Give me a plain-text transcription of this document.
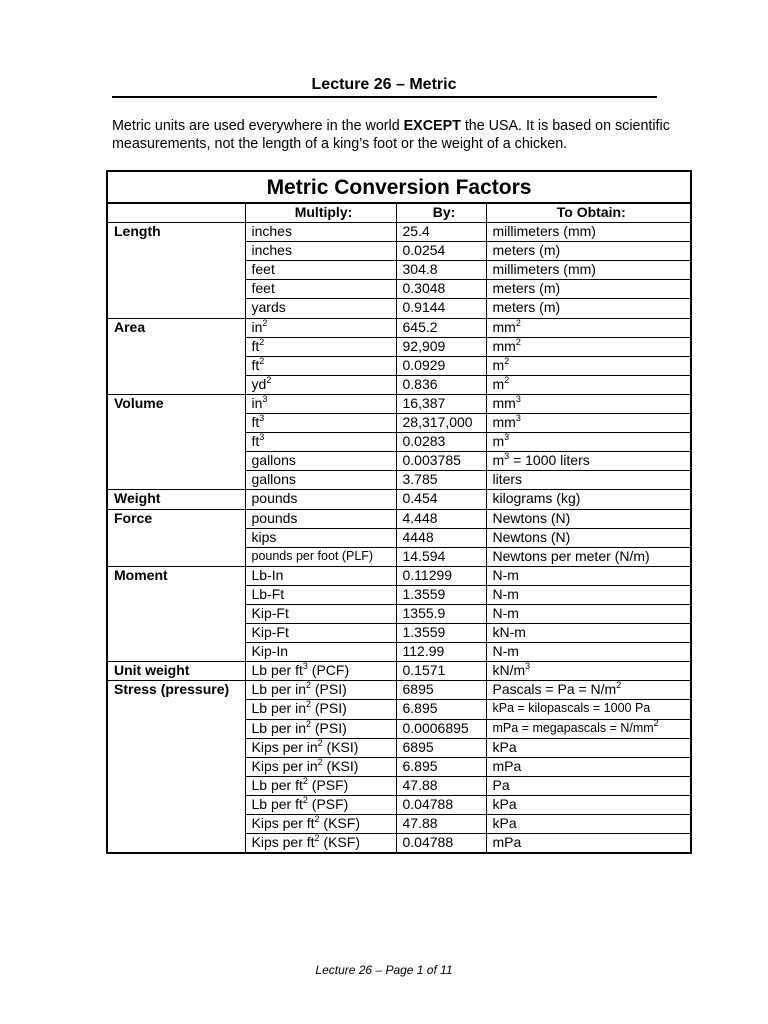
Lecture 26 – Metric

Metric units are used everywhere in the world EXCEPT the USA. It is based on scientific measurements, not the length of a king’s foot or the weight of a chicken.

Metric Conversion Factors			
	Multiply:	By:	To Obtain:
Length	inches	25.4	millimeters (mm)
	inches	0.0254	meters (m)
	feet	304.8	millimeters (mm)
	feet	0.3048	meters (m)
	yards	0.9144	meters (m)
Area	$in^2$	645.2	$mm^2$
	$ft^2$	92,909	$mm^2$
	$ft^2$	0.0929	$m^2$
	$yd^2$	0.836	$m^2$
Volume	$in^3$	16,387	$mm^3$
	$ft^3$	28,317,000	$mm^3$
	$ft^3$	0.0283	$m^3$
	gallons	0.003785	$m^3 = 1000$ liters
	gallons	3.785	liters
Weight	pounds	0.454	kilograms (kg)
Force	pounds	4.448	Newtons (N)
	kips	4448	Newtons (N)
	pounds per foot (PLF)	14.594	Newtons per meter (N/m)
Moment	Lb-In	0.11299	N-m
	Lb-Ft	1.3559	N-m
	Kip-Ft	1355.9	N-m
	Kip-Ft	1.3559	kN-m
	Kip-In	112.99	N-m
Unit weight	Lb per $ft^3$ (PCF)	0.1571	$kN/m^3$
Stress (pressure)	Lb per $in^2$ (PSI)	6895	Pascals = $Pa = N/m^2$
	Lb per $in^2$ (PSI)	6.895	kPa = kilopascals = 1000 Pa
	Lb per $in^2$ (PSI)	0.0006895	mPa = megapascals = $N/mm^2$
	Kips per $in^2$ (KSI)	6895	kPa
	Kips per $in^2$ (KSI)	6.895	mPa
	Lb per $ft^2$ (PSF)	47.88	Pa
	Lb per $ft^2$ (PSF)	0.04788	kPa
	Kips per $ft^2$ (KSF)	47.88	kPa
	Kips per $ft^2$ (KSF)	0.04788	mPa
Lecture 26 – Page 1 of 11
